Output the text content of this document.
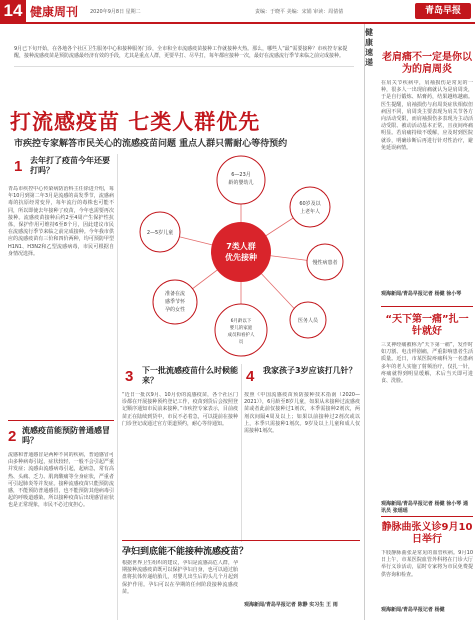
14 健康周刊 2020年9月8日 星期二	责编：于晓平 美编：宋娟 审读：周倩倩	青岛早报
9月已下旬开始，在各地各个社区卫生服务中心和接种服务门诊，全市和全市流感疫苗接种工作就接种火热。那么，哪些人“最”需要接种？市疾控专家提醒，接种流感疫苗是预防流感最经济有效的手段，尤其是重点人群，更要早打、尽早打，每年都应接种一次，最好在流感流行季节来临之前完成接种。
打流感疫苗 七类人群优先
市疾控专家解答市民关心的流感疫苗问题 重点人群只需耐心等待预约
1 去年打了疫苗今年还要打吗？
青岛市疾控中心传染病防治科主任徐进介绍，每年10月到第二年3月是流感的高发季节，流感病毒的抗原经常变异，每年流行的毒株也可能不同，所以即使去年接种了疫苗，今年也需要再次接种。流感疫苗接种后约2至4周产生保护性抗体，保护作用可维持6至8个月，因此建议市民在流感流行季节来临之前完成接种。今年我市供应的流感疫苗有三价和四价两种，均可预防甲型H1N1、H3N2和乙型流感病毒，市民可根据自身情况选择。
2 流感疫苗能预防普通感冒吗？
流感和普通感冒是两种不同的疾病，普通感冒可由多种病毒引起，症状较轻，一般不会引起严重并发症；流感由流感病毒引起，起病急，常有高热、头痛、乏力、肌肉酸痛等全身症状，严重者可引起肺炎等并发症。接种流感疫苗只能预防流感，不能预防普通感冒，也不能预防其他病毒引起的呼吸道感染。所以接种疫苗后出现感冒症状也是正常现象，市民不必过度担心。
7类人群优先接种
6—23月龄的婴幼儿
60岁及以上老年人
慢性病患者
医务人员
6月龄以下婴儿的家庭成员和看护人员
准备在流感季节怀孕的女性
2—5岁儿童
3 下一批流感疫苗什么时候能来？
“近日一批次9月、10月份的流感疫苗，各个社区门诊都在开展接种预约登记工作，疫苗到货后会按照登记顺序通知市民前来接种。”市疾控专家表示，目前疫苗正在陆续到货中，市民不必着急，可以提前在接种门诊登记或通过官方渠道预约，耐心等待通知。
4 我家孩子3岁应该打几针？
按照《中国流感疫苗预防接种技术指南（2020—2021）》，6月龄至8岁儿童，如果从未接种过流感疫苗或者此前仅接种过1剂次，本季需接种2剂次，两剂次间隔4周及以上；如果以前接种过2剂次或以上，本季只需接种1剂次。9岁及以上儿童和成人仅需接种1剂次。
孕妇到底能不能接种流感疫苗？
根据世界卫生组织的建议，孕妇是流感高危人群，孕期接种流感疫苗既可以保护孕妇自身，也可以通过胎盘将抗体传递给胎儿，对婴儿出生后的头几个月起到保护作用。孕妇可以在孕期的任何阶段接种流感疫苗。
观海新闻/青岛早报记者 陈静 实习生 王 雨
健康速递 老肩痛不一定是你以为的肩周炎
在肩关节疾病中，肩袖损伤是常见的一种，很多人一出现肩痛就认为是肩周炎，于是自行锻炼、贴膏药，结果越练越痛。医生提醒，肩袖损伤与肩周炎症状相似但病因不同，肩周炎主要表现为肩关节各方向活动受限，而肩袖损伤多表现为主动活动受限、被动活动基本正常，且夜间疼痛明显。若肩痛持续不缓解，应及时到医院就诊，明确诊断后再进行针对性治疗，避免延误病情。
观海新闻/青岛早报记者 杨健 徐小琴
“天下第一痛”扎一针就好
三叉神经痛被称为“天下第一痛”，发作时如刀割、电击样剧痛，严重影响患者生活质量。近日，市某医院疼痛科为一名患病多年的老人实施了射频治疗，仅扎一针，疼痛就得到明显缓解，术后当天即可进食、洗脸。
观海新闻/青岛早报记者 杨健 徐小琴 通讯员 张瑶瑶
静脉曲张义诊9月10日举行
下肢静脉曲张是常见的血管疾病。9月10日上午，市某医院血管外科将在门诊大厅举行义诊活动，届时专家将为市民免费提供咨询和检查。
观海新闻/青岛早报记者 杨健
